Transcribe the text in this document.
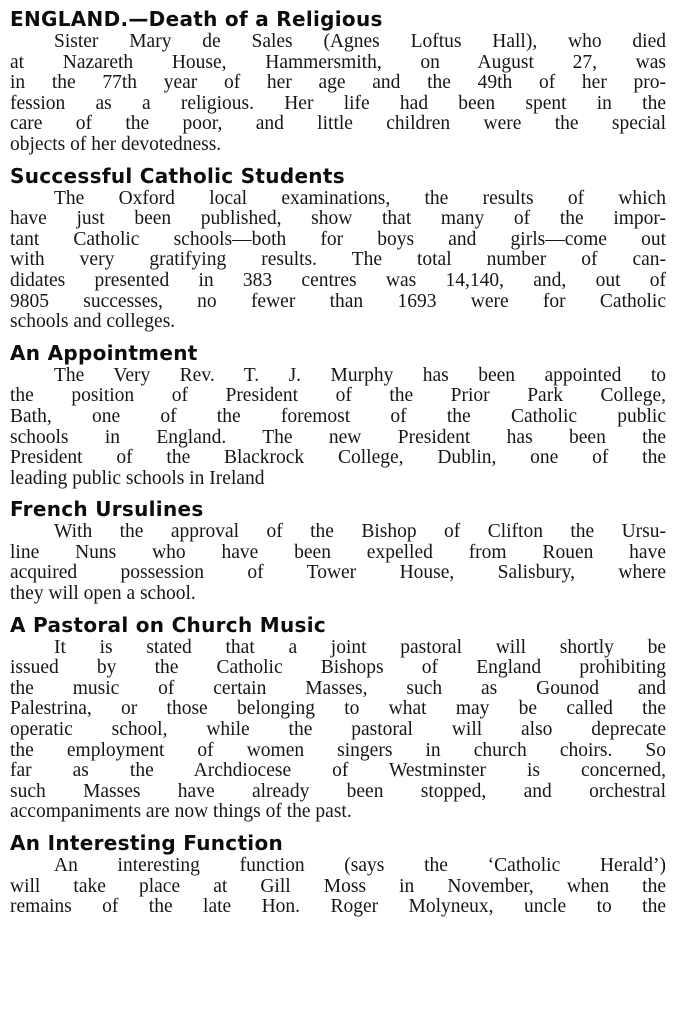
ENGLAND.—Death of a Religious

Sister Mary de Sales (Agnes Loftus Hall), who died
at Nazareth House, Hammersmith, on August 27, was
in the 77th year of her age and the 49th of her pro-
fession as a religious. Her life had been spent in the
care of the poor, and little children were the special
objects of her devotedness.

Successful Catholic Students

The Oxford local examinations, the results of which
have just been published, show that many of the impor-
tant Catholic schools—both for boys and girls—come out
with very gratifying results. The total number of can-
didates presented in 383 centres was 14,140, and, out of
9805 successes, no fewer than 1693 were for Catholic
schools and colleges.

An Appointment

The Very Rev. T. J. Murphy has been appointed to
the position of President of the Prior Park College,
Bath, one of the foremost of the Catholic public
schools in England. The new President has been the
President of the Blackrock College, Dublin, one of the
leading public schools in Ireland

French Ursulines

With the approval of the Bishop of Clifton the Ursu-
line Nuns who have been expelled from Rouen have
acquired possession of Tower House, Salisbury, where
they will open a school.

A Pastoral on Church Music

It is stated that a joint pastoral will shortly be
issued by the Catholic Bishops of England prohibiting
the music of certain Masses, such as Gounod and
Palestrina, or those belonging to what may be called the
operatic school, while the pastoral will also deprecate
the employment of women singers in church choirs. So
far as the Archdiocese of Westminster is concerned,
such Masses have already been stopped, and orchestral
accompaniments are now things of the past.

An Interesting Function

An interesting function (says the ‘Catholic Herald’)
will take place at Gill Moss in November, when the
remains of the late Hon. Roger Molyneux, uncle to the
